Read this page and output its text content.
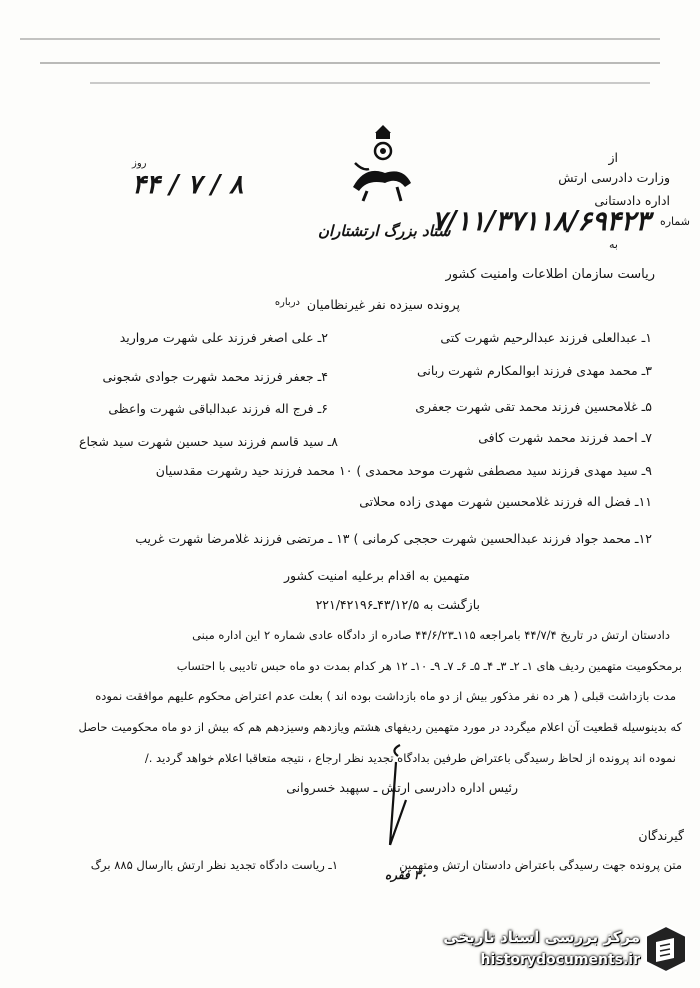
از
وزارت دادرسی ارتش
اداره دادستانی
شماره
۷/۱۱/۳۷۱۱۸/۶۹۴۲۳
به
۸ / ۷ / ۴۴
روز
ستاد بزرگ ارتشتاران
ریاست سازمان اطلاعات وامنیت کشور
درباره پرونده سیزده نفر غیرنظامیان
۱ـ عبدالعلی فرزند عبدالرحیم شهرت کتی
۲ـ علی اصغر فرزند علی شهرت مروارید
۳ـ محمد مهدی فرزند ابوالمکارم شهرت ربانی
۴ـ جعفر فرزند محمد شهرت جوادی شجونی
۵ـ غلامحسین فرزند محمد تقی شهرت جعفری
۶ـ فرج اله فرزند عبدالباقی شهرت واعظی
۷ـ احمد فرزند محمد شهرت کافی
۸ـ سید قاسم فرزند سید حسین شهرت سید شجاع
۹ـ سید مهدی فرزند سید مصطفی شهرت موحد محمدی ) ۱۰ محمد فرزند حید رشهرت مقدسیان
۱۱ـ فضل اله فرزند غلامحسین شهرت مهدی زاده محلاتی
۱۲ـ محمد جواد فرزند عبدالحسین شهرت حججی کرمانی ) ۱۳ ـ مرتضی فرزند غلامرضا شهرت غریب
متهمین به اقدام برعلیه امنیت کشور
بازگشت به ۴۳/۱۲/۵ـ۲۲۱/۴۲۱۹۶
دادستان ارتش در تاریخ ۴۴/۷/۴ بامراجعه ۱۱۵ـ۴۴/۶/۲۳ صادره از دادگاه عادی شماره ۲ این اداره مبنی
برمحکومیت متهمین ردیف های ۱ـ ۲ـ ۳ـ ۴ـ ۵ـ ۶ـ ۷ـ ۹ـ ۱۰ـ ۱۲ هر کدام بمدت دو ماه حبس تادیبی با احتساب
مدت بازداشت قبلی ( هر ده نفر مذکور بیش از دو ماه بازداشت بوده اند ) بعلت عدم اعتراض محکوم علیهم موافقت نموده
که بدینوسیله قطعیت آن اعلام میگردد در مورد متهمین ردیفهای هشتم ویازدهم وسیزدهم هم که بیش از دو ماه محکومیت حاصل
نموده اند پرونده از لحاظ رسیدگی باعتراض طرفین بدادگاه تجدید نظر ارجاع ، نتیجه متعاقبا اعلام خواهد گردید ./
رئیس اداره دادرسی ارتش ـ سپهبد خسروانی
گیرندگان
۱ـ ریاست دادگاه تجدید نظر ارتش باارسال ۸۸۵ برگ	متن پرونده جهت رسیدگی باعتراض دادستان ارتش ومتهمین
۳۰ فقره
مرکز بررسی اسناد تاریخی
historydocuments.ir
